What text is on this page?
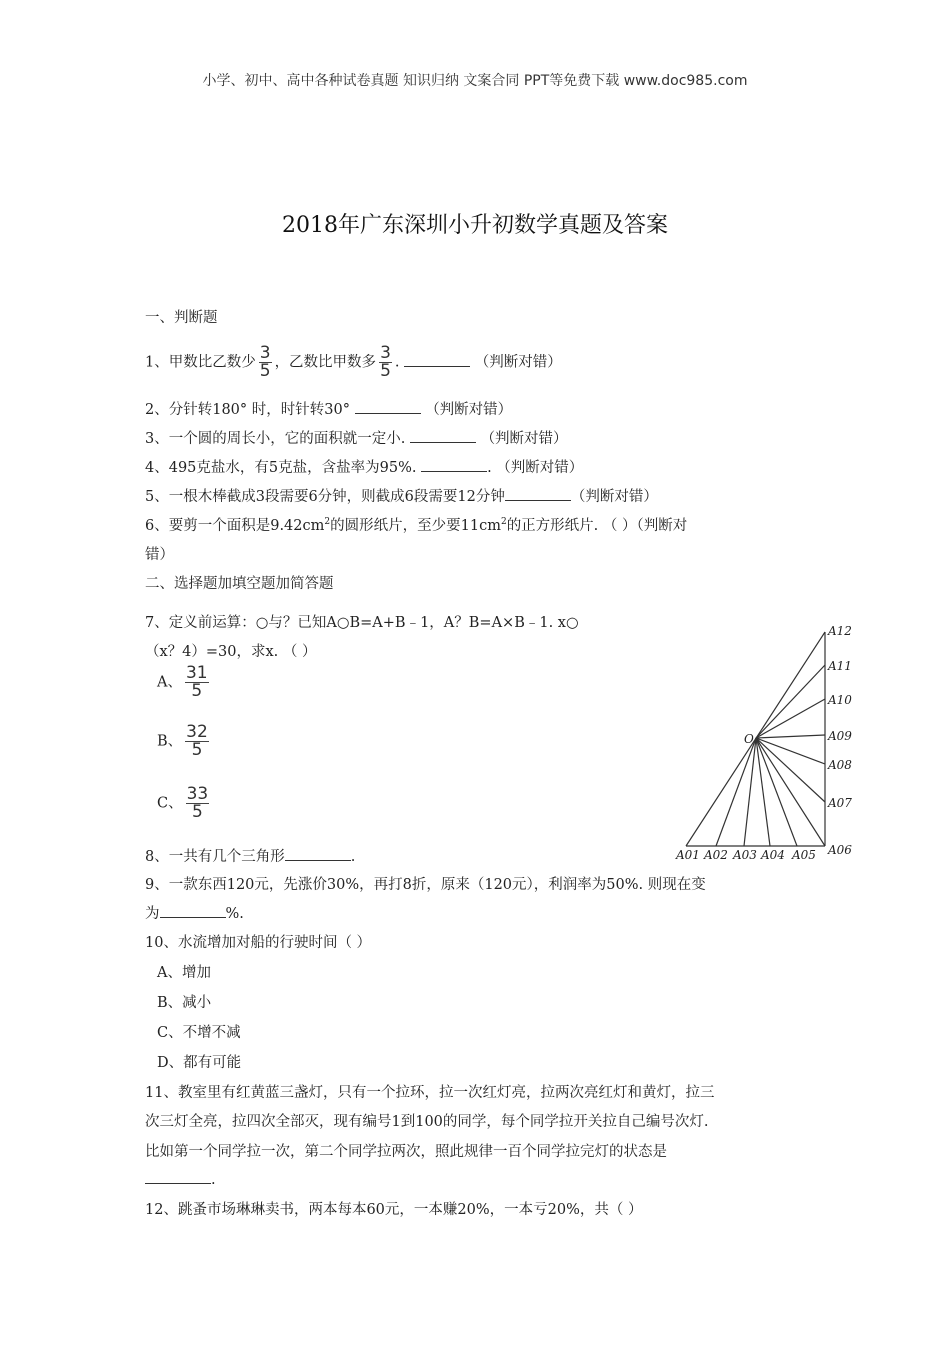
小学、初中、高中各种试卷真题 知识归纳 文案合同 PPT等免费下载 www.doc985.com
2018年广东深圳小升初数学真题及答案
一、判断题
1、甲数比乙数少 $\frac{3}{5}$ ，乙数比甲数多 $\frac{3}{5}$ .	（判断对错）
2、分针转180° 时，时针转30°	（判断对错）
3、一个圆的周长小，它的面积就一定小.	（判断对错）
4、495克盐水，有5克盐，含盐率为95%.	. （判断对错）
5、一根木棒截成3段需要6分钟，则截成6段需要12分钟	（判断对错）
6、要剪一个面积是$9.42cm^2$的圆形纸片，至少要$11cm^2$的正方形纸片. （ ）（判断对
错）
二、选择题加填空题加简答题
7、定义前运算：○与？已知A○B=A+B﹣1，A？B=A×B﹣1. x○
（x？4）=30，求x. （ ）
A、 $\frac{31}{5}$
B、 $\frac{32}{5}$
C、 $\frac{33}{5}$
8、一共有几个三角形	.
9、一款东西120元，先涨价30%，再打8折，原来（120元），利润率为50%. 则现在变
为	%.
10、水流增加对船的行驶时间（ ）
A、增加
B、减小
C、不增不减
D、都有可能
11、教室里有红黄蓝三盏灯，只有一个拉环，拉一次红灯亮，拉两次亮红灯和黄灯，拉三
次三灯全亮，拉四次全部灭，现有编号1到100的同学，每个同学拉开关拉自己编号次灯.
比如第一个同学拉一次，第二个同学拉两次，照此规律一百个同学拉完灯的状态是
.
12、跳蚤市场琳琳卖书，两本每本60元，一本赚20%，一本亏20%，共（ ）
O
A12
A11
A10
A09
A08
A07
A06
A01 A02 A03 A04 A05
